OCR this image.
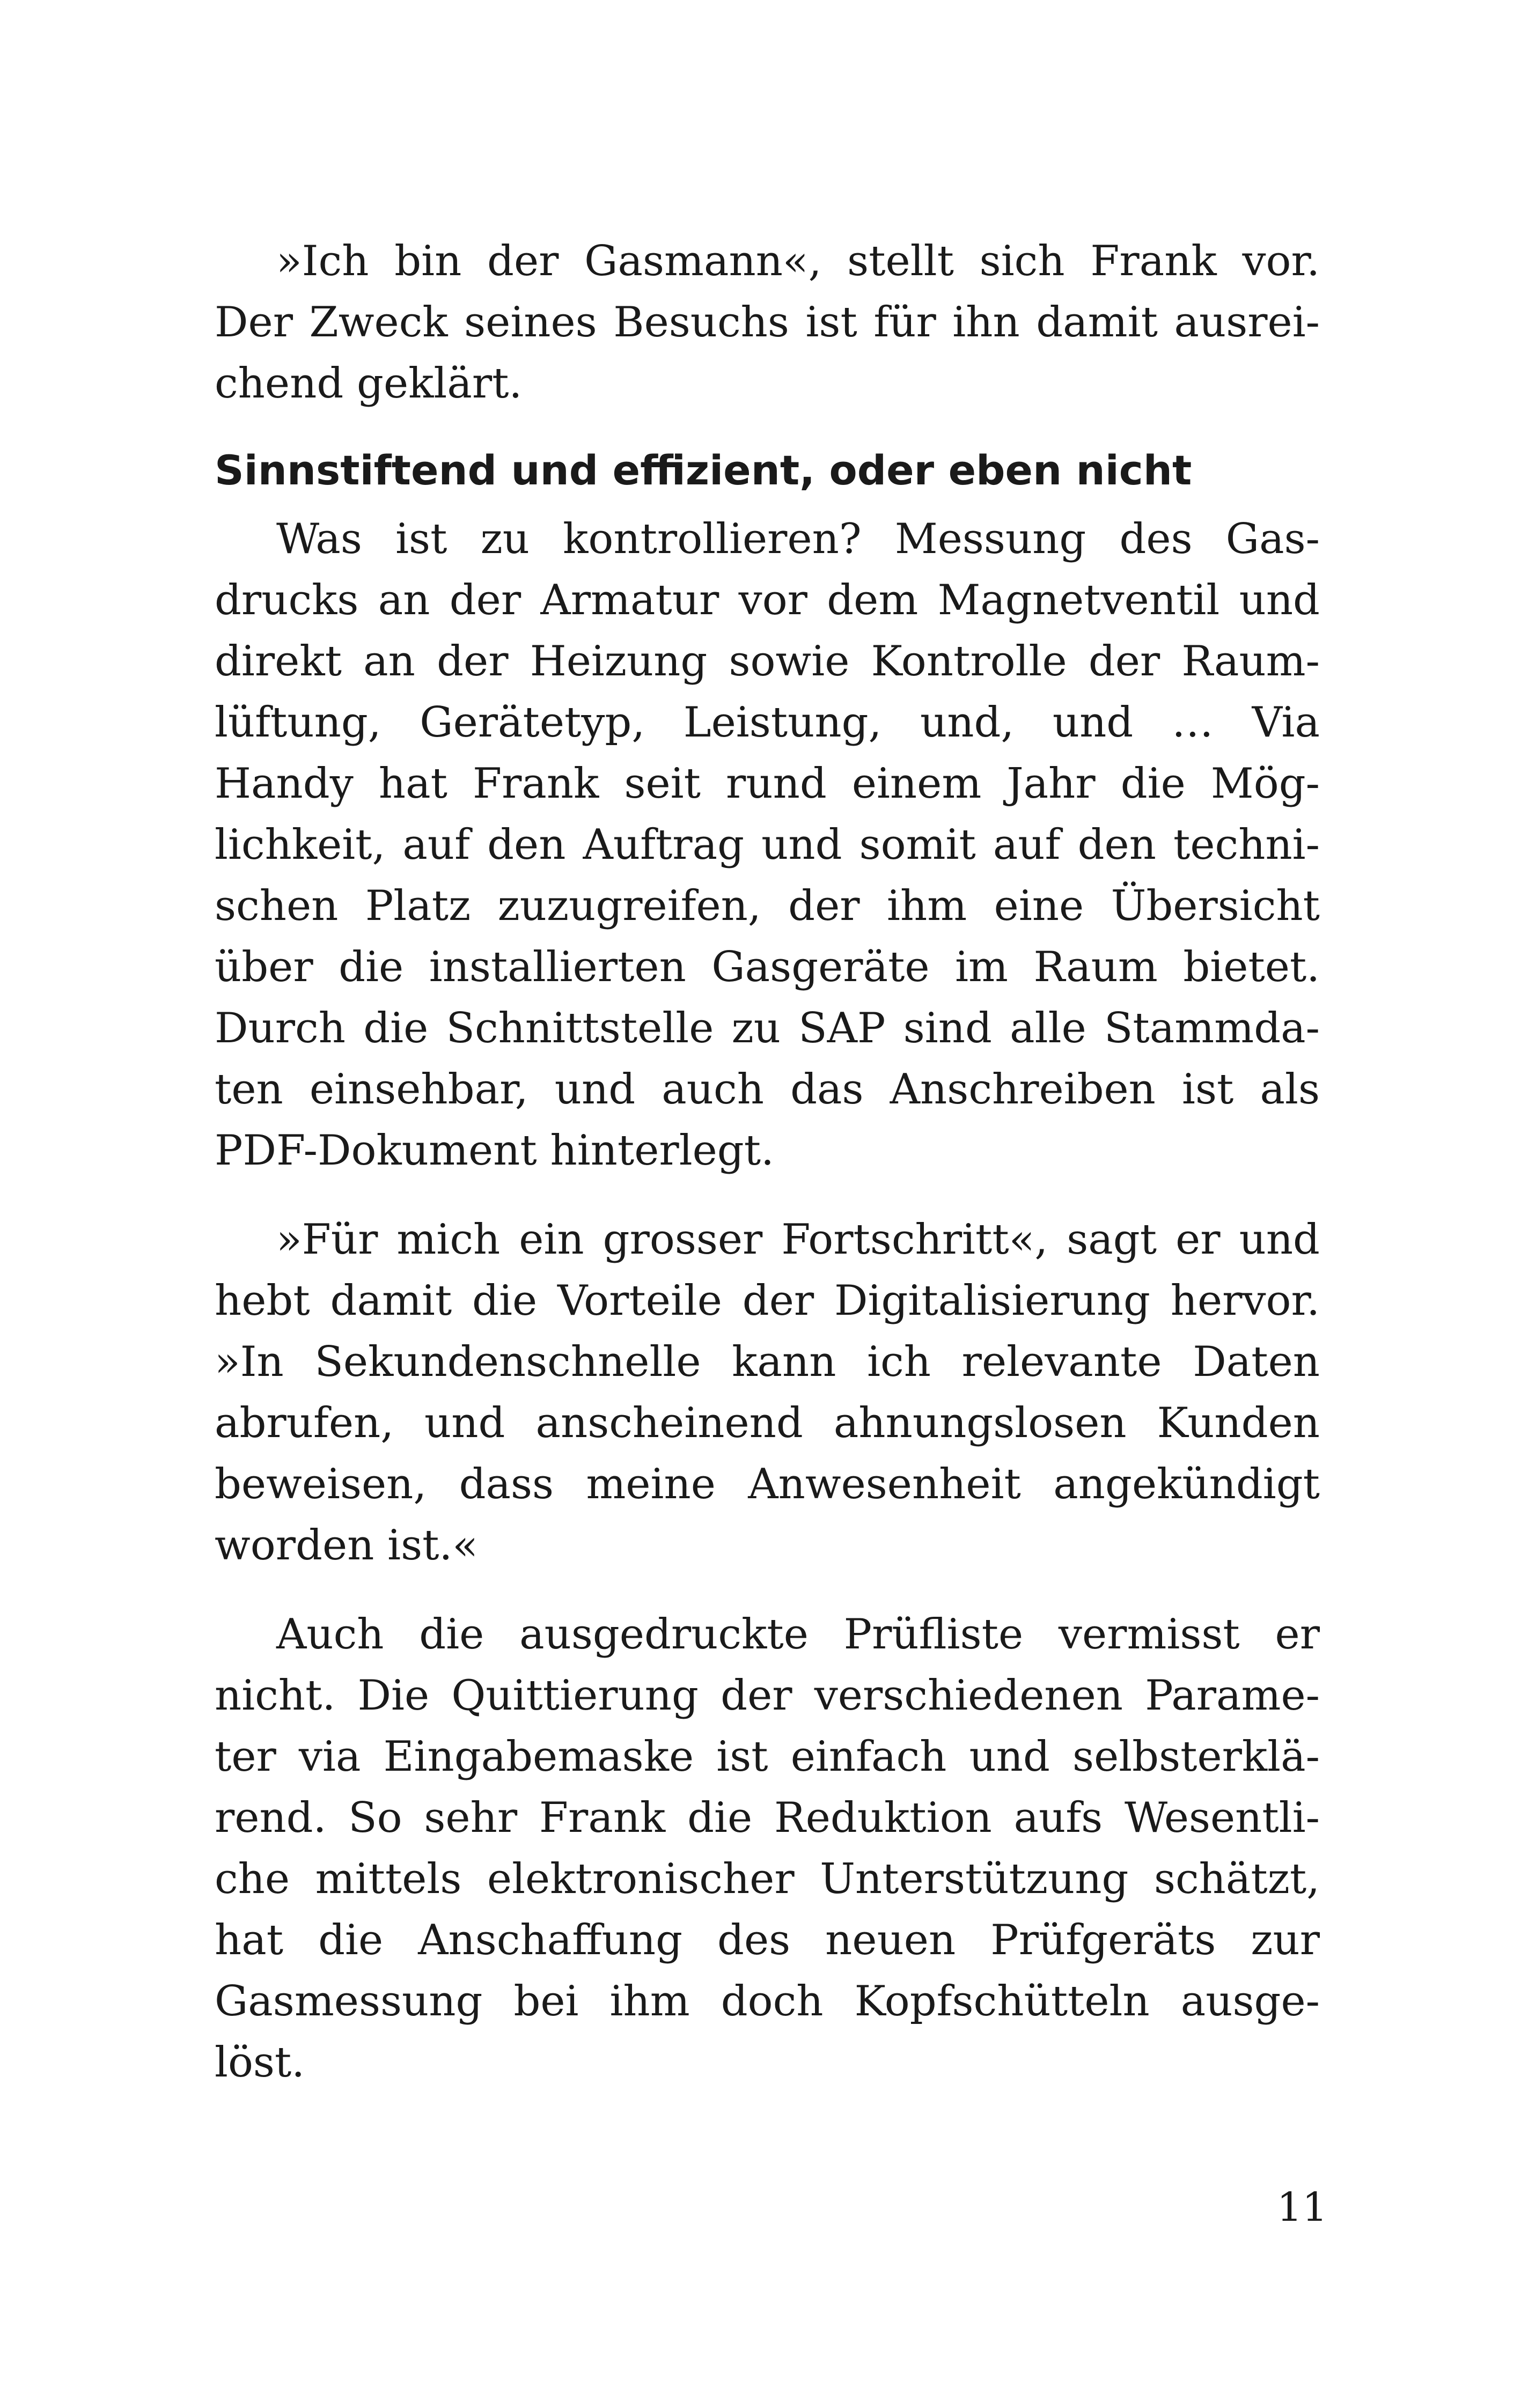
»Ich bin der Gasmann«, stellt sich Frank vor.
Der Zweck seines Besuchs ist für ihn damit ausrei-
chend geklärt.

Sinnstiftend und effizient, oder eben nicht

Was ist zu kontrollieren? Messung des Gas-
drucks an der Armatur vor dem Magnetventil und
direkt an der Heizung sowie Kontrolle der Raum-
lüftung, Gerätetyp, Leistung, und, und … Via
Handy hat Frank seit rund einem Jahr die Mög-
lichkeit, auf den Auftrag und somit auf den techni-
schen Platz zuzugreifen, der ihm eine Übersicht
über die installierten Gasgeräte im Raum bietet.
Durch die Schnittstelle zu SAP sind alle Stammda-
ten einsehbar, und auch das Anschreiben ist als
PDF-Dokument hinterlegt.

»Für mich ein grosser Fortschritt«, sagt er und
hebt damit die Vorteile der Digitalisierung hervor.
»In Sekundenschnelle kann ich relevante Daten
abrufen, und anscheinend ahnungslosen Kunden
beweisen, dass meine Anwesenheit angekündigt
worden ist.«

Auch die ausgedruckte Prüfliste vermisst er
nicht. Die Quittierung der verschiedenen Parame-
ter via Eingabemaske ist einfach und selbsterklä-
rend. So sehr Frank die Reduktion aufs Wesentli-
che mittels elektronischer Unterstützung schätzt,
hat die Anschaffung des neuen Prüfgeräts zur
Gasmessung bei ihm doch Kopfschütteln ausge-
löst.

11
